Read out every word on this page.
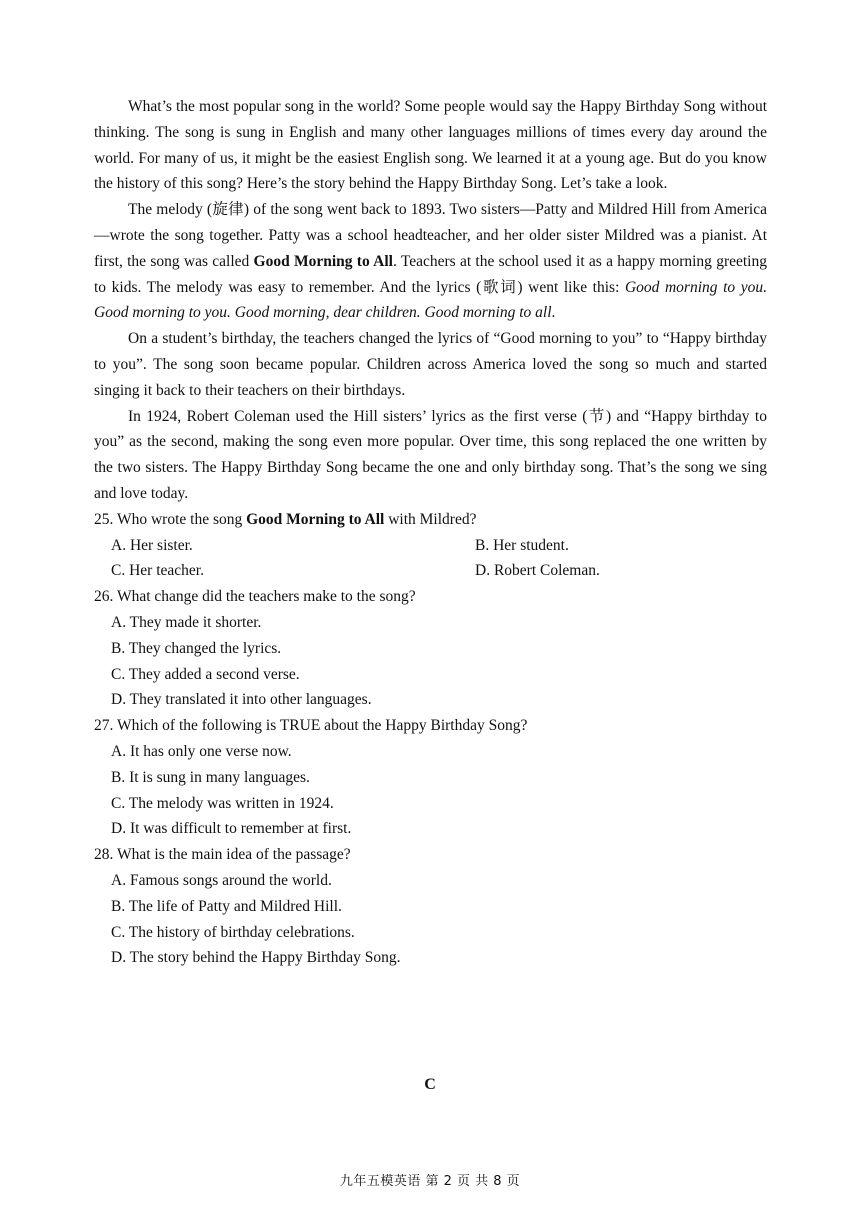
What’s the most popular song in the world? Some people would say the Happy Birthday Song without thinking. The song is sung in English and many other languages millions of times every day around the world. For many of us, it might be the easiest English song. We learned it at a young age. But do you know the history of this song? Here’s the story behind the Happy Birthday Song. Let’s take a look.

The melody (旋律) of the song went back to 1893. Two sisters—Patty and Mildred Hill from America—wrote the song together. Patty was a school headteacher, and her older sister Mildred was a pianist. At first, the song was called Good Morning to All. Teachers at the school used it as a happy morning greeting to kids. The melody was easy to remember. And the lyrics (歌词) went like this: Good morning to you. Good morning to you. Good morning, dear children. Good morning to all.

On a student’s birthday, the teachers changed the lyrics of “Good morning to you” to “Happy birthday to you”. The song soon became popular. Children across America loved the song so much and started singing it back to their teachers on their birthdays.

In 1924, Robert Coleman used the Hill sisters’ lyrics as the first verse (节) and “Happy birthday to you” as the second, making the song even more popular. Over time, this song replaced the one written by the two sisters. The Happy Birthday Song became the one and only birthday song. That’s the song we sing and love today.

25. Who wrote the song Good Morning to All with Mildred?

A. Her sister.	B. Her student.
C. Her teacher.	D. Robert Coleman.

26. What change did the teachers make to the song?

A. They made it shorter.
B. They changed the lyrics.
C. They added a second verse.
D. They translated it into other languages.

27. Which of the following is TRUE about the Happy Birthday Song?

A. It has only one verse now.
B. It is sung in many languages.
C. The melody was written in 1924.
D. It was difficult to remember at first.

28. What is the main idea of the passage?

A. Famous songs around the world.
B. The life of Patty and Mildred Hill.
C. The history of birthday celebrations.
D. The story behind the Happy Birthday Song.
C
九年五模英语 第 2 页 共 8 页
